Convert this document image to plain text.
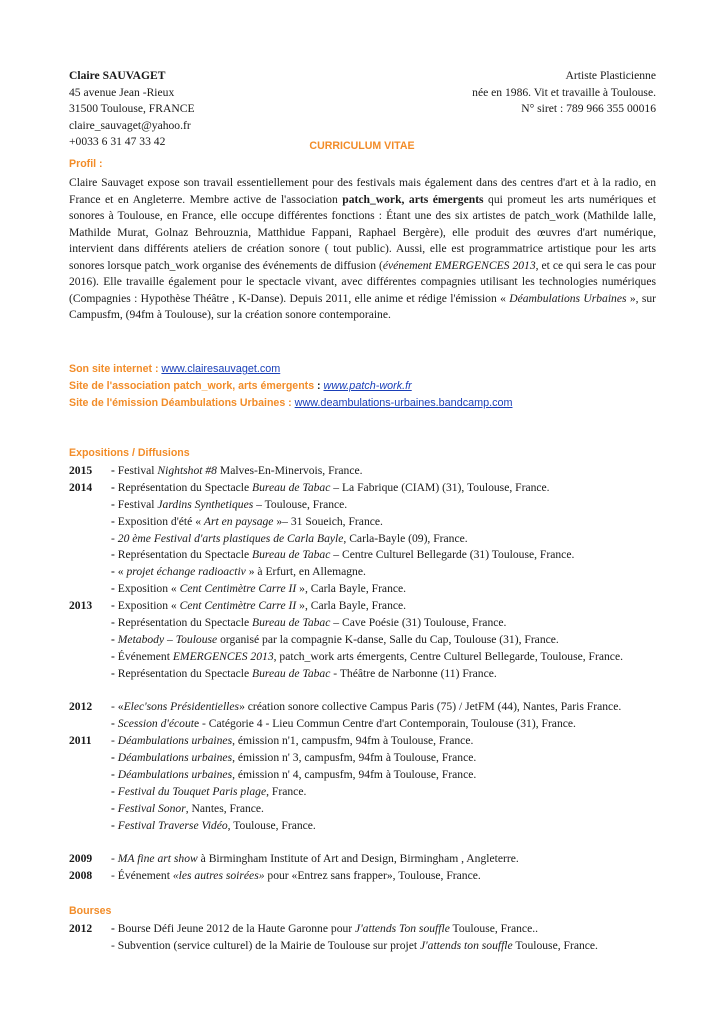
Claire SAUVAGET
45 avenue Jean -Rieux
31500 Toulouse, FRANCE
claire_sauvaget@yahoo.fr
+0033 6 31 47 33 42
Artiste Plasticienne
née en 1986. Vit et travaille à Toulouse.
N° siret : 789 966 355 00016
CURRICULUM VITAE
Profil :
Claire Sauvaget expose son travail essentiellement pour des festivals mais également dans des centres d'art et à la radio, en France et en Angleterre. Membre active de l'association patch_work, arts émergents qui promeut les arts numériques et sonores à Toulouse, en France, elle occupe différentes fonctions : Étant une des six artistes de patch_work (Mathilde lalle, Mathilde Murat, Golnaz Behrouznia, Matthidue Fappani, Raphael Bergère), elle produit des œuvres d'art numérique, intervient dans différents ateliers de création sonore ( tout public). Aussi, elle est programmatrice artistique pour les arts sonores lorsque patch_work organise des événements de diffusion (événement EMERGENCES 2013, et ce qui sera le cas pour 2016). Elle travaille également pour le spectacle vivant, avec différentes compagnies utilisant les technologies numériques (Compagnies : Hypothèse Théâtre , K-Danse). Depuis 2011, elle anime et rédige l'émission « Déambulations Urbaines », sur Campusfm, (94fm à Toulouse), sur la création sonore contemporaine.
Son site internet : www.clairesauvaget.com
Site de l'association patch_work, arts émergents : www.patch-work.fr
Site de l'émission Déambulations Urbaines : www.deambulations-urbaines.bandcamp.com
Expositions / Diffusions
2015 - Festival Nightshot #8 Malves-En-Minervois, France.
2014 - Représentation du Spectacle Bureau de Tabac – La Fabrique (CIAM) (31), Toulouse, France.
- Festival Jardins Synthetiques – Toulouse, France.
- Exposition d'été « Art en paysage »– 31 Soueich, France.
- 20 ème Festival d'arts plastiques de Carla Bayle, Carla-Bayle (09), France.
- Représentation du Spectacle Bureau de Tabac – Centre Culturel Bellegarde (31) Toulouse, France.
- « projet échange radioactiv » à Erfurt, en Allemagne.
- Exposition « Cent Centimètre Carre II », Carla Bayle, France.
2013 - Exposition « Cent Centimètre Carre II », Carla Bayle, France.
- Représentation du Spectacle Bureau de Tabac – Cave Poésie (31) Toulouse, France.
- Metabody – Toulouse organisé par la compagnie K-danse, Salle du Cap, Toulouse (31), France.
- Événement EMERGENCES 2013, patch_work arts émergents, Centre Culturel Bellegarde, Toulouse, France.
- Représentation du Spectacle Bureau de Tabac - Théâtre de Narbonne (11) France.
2012 - «Elec'sons Présidentielles» création sonore collective Campus Paris (75) / JetFM (44), Nantes, Paris France.
- Scession d'écoute - Catégorie 4 - Lieu Commun Centre d'art Contemporain, Toulouse (31), France.
2011 - Déambulations urbaines, émission n'1, campusfm, 94fm à Toulouse, France.
- Déambulations urbaines, émission n' 3, campusfm, 94fm à Toulouse, France.
- Déambulations urbaines, émission n' 4, campusfm, 94fm à Toulouse, France.
- Festival du Touquet Paris plage, France.
- Festival Sonor, Nantes, France.
- Festival Traverse Vidéo, Toulouse, France.
2009 - MA fine art show à Birmingham Institute of Art and Design, Birmingham , Angleterre.
2008 - Événement «les autres soirées» pour «Entrez sans frapper», Toulouse, France.
Bourses
2012 - Bourse Défi Jeune 2012 de la Haute Garonne pour J'attends Ton souffle Toulouse, France..
- Subvention (service culturel) de la Mairie de Toulouse sur projet J'attends ton souffle Toulouse, France.
